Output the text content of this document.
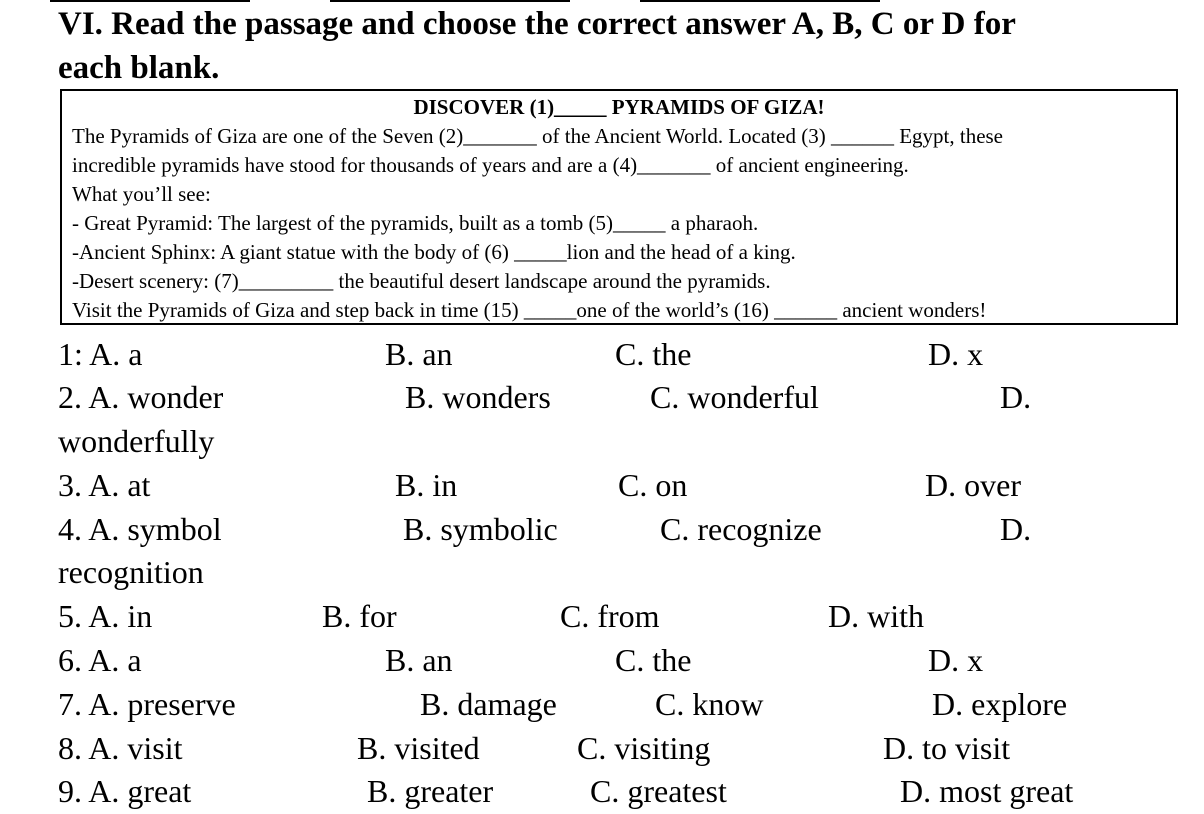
VI. Read the passage and choose the correct answer A, B, C or D for
each blank.
DISCOVER (1)_____ PYRAMIDS OF GIZA!
The Pyramids of Giza are one of the Seven (2)_______ of the Ancient World. Located (3) ______ Egypt, these
incredible pyramids have stood for thousands of years and are a (4)_______ of ancient engineering.
What you’ll see:
- Great Pyramid: The largest of the pyramids, built as a tomb (5)_____ a pharaoh.
-Ancient Sphinx: A giant statue with the body of (6) _____lion and the head of a king.
-Desert scenery: (7)_________ the beautiful desert landscape around the pyramids.
Visit the Pyramids of Giza and step back in time (15) _____one of the world’s (16) ______ ancient wonders!
1: A. a	B. an	C. the	D. x
2. A. wonder	B. wonders	C. wonderful	D.
wonderfully
3. A. at	B. in	C. on	D. over
4. A. symbol	B. symbolic	C. recognize	D.
recognition
5. A. in	B. for	C. from	D. with
6. A. a	B. an	C. the	D. x
7. A. preserve	B. damage	C. know	D. explore
8. A. visit	B. visited	C. visiting	D. to visit
9. A. great	B. greater	C. greatest	D. most great
